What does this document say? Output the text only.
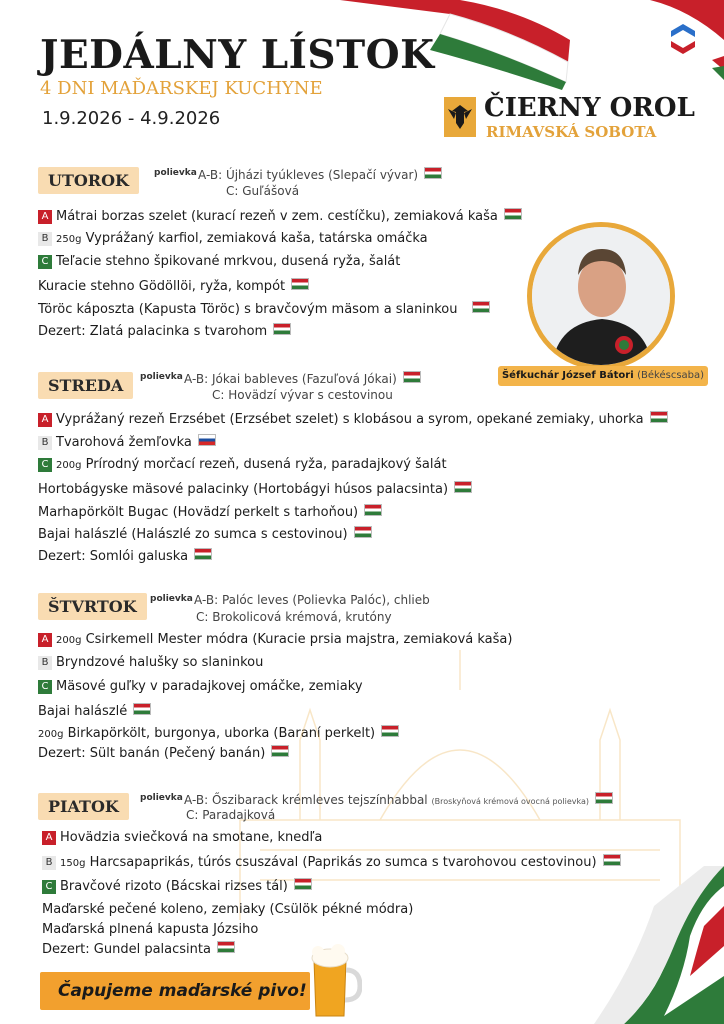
JEDÁLNY LÍSTOK
4 DNI MAĎARSKEJ KUCHYNE
1.9.2026 - 4.9.2026	ČIERNY OROL
RIMAVSKÁ SOBOTA
Šéfkuchár József Bátori (Békéscsaba)
UTOROK	polievka A-B: Újházi tyúkleves (Slepačí vývar)
C: Guľášová
A Mátrai borzas szelet (kurací rezeň v zem. cestíčku), zemiaková kaša
B 250g Vyprážaný karfiol, zemiaková kaša, tatárska omáčka
C Teľacie stehno špikované mrkvou, dusená ryža, šalát
Kuracie stehno Gödöllöi, ryža, kompót
Töröс káposzta (Kapusta Töröс) s bravčovým mäsom a slaninkou
Dezert: Zlatá palacinka s tvarohom
STREDA	polievka A-B: Jókai bableves (Fazuľová Jókai)
C: Hovädzí vývar s cestovinou
A Vyprážaný rezeň Erzsébet (Erzsébet szelet) s klobásou a syrom, opekané zemiaky, uhorka
B Tvarohová žemľovka
C 200g Prírodný morčací rezeň, dusená ryža, paradajkový šalát
Hortobágyske mäsové palacinky (Hortobágyi húsos palacsinta)
Marhapörkölt Bugac (Hovädzí perkelt s tarhoňou)
Bajai halászlé (Halászlé zo sumca s cestovinou)
Dezert: Somlói galuska
ŠTVRTOK	polievka A-B: Palóc leves (Polievka Palóc), chlieb
C: Brokolicová krémová, krutóny
A 200g Csirkemell Mester módra (Kuracie prsia majstra, zemiaková kaša)
B Bryndzové halušky so slaninkou
C Mäsové guľky v paradajkovej omáčke, zemiaky
Bajai halászlé
200g Birkapörkölt, burgonya, uborka (Baraní perkelt)
Dezert: Sült banán (Pečený banán)
PIATOK	polievka A-B: Őszibarack krémleves tejszínhabbal (Broskyňová krémová ovocná polievka)
C: Paradajková
A Hovädzia sviečková na smotane, knedľa
B 150g Harcsapaprikás, túrós csuszával (Paprikás zo sumca s tvarohovou cestovinou)
C Bravčové rizoto (Bácskai rizses tál)
Maďarské pečené koleno, zemiaky (Csülök pékné módra)
Maďarská plnená kapusta Józsiho
Dezert: Gundel palacsinta
Čapujeme maďarské pivo!
